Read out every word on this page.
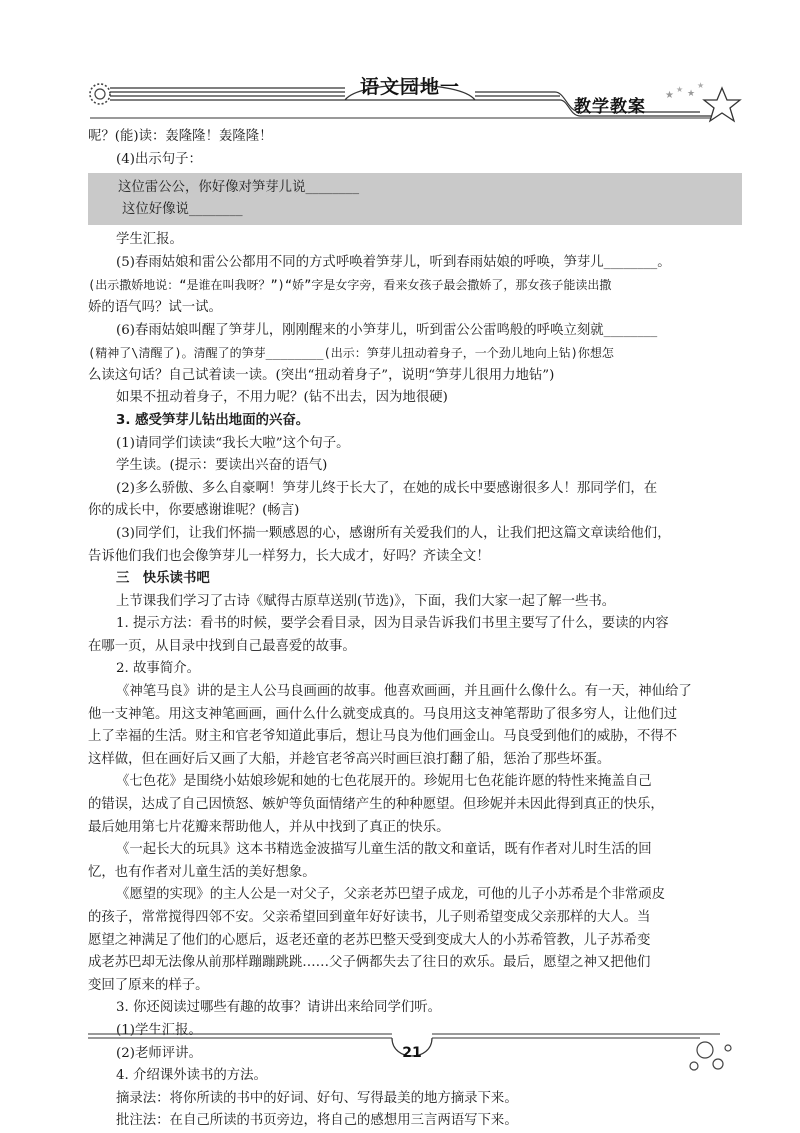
★
★ ★
★
语文园地一
教学教案
呢？(能)读：轰隆隆！轰隆隆！
(4)出示句子：
这位雷公公，你好像对笋芽儿说________
这位好像说________
学生汇报。
(5)春雨姑娘和雷公公都用不同的方式呼唤着笋芽儿，听到春雨姑娘的呼唤，笋芽儿________。
(出示撒娇地说：“是谁在叫我呀？”)“娇”字是女字旁，看来女孩子最会撒娇了，那女孩子能读出撒
娇的语气吗？试一试。
(6)春雨姑娘叫醒了笋芽儿，刚刚醒来的小笋芽儿，听到雷公公雷鸣般的呼唤立刻就________
(精神了\清醒了)。清醒了的笋芽________(出示：笋芽儿扭动着身子，一个劲儿地向上钻)你想怎
么读这句话？自己试着读一读。(突出“扭动着身子”，说明“笋芽儿很用力地钻”)
如果不扭动着身子，不用力呢？(钻不出去，因为地很硬)
3. 感受笋芽儿钻出地面的兴奋。
(1)请同学们读读“我长大啦”这个句子。
学生读。(提示：要读出兴奋的语气)
(2)多么骄傲、多么自豪啊！笋芽儿终于长大了，在她的成长中要感谢很多人！那同学们，在
你的成长中，你要感谢谁呢？(畅言)
(3)同学们，让我们怀揣一颗感恩的心，感谢所有关爱我们的人，让我们把这篇文章读给他们，
告诉他们我们也会像笋芽儿一样努力，长大成才，好吗？齐读全文！
三　快乐读书吧
上节课我们学习了古诗《赋得古原草送别(节选)》，下面，我们大家一起了解一些书。
1. 提示方法：看书的时候，要学会看目录，因为目录告诉我们书里主要写了什么，要读的内容
在哪一页，从目录中找到自己最喜爱的故事。
2. 故事简介。
《神笔马良》讲的是主人公马良画画的故事。他喜欢画画，并且画什么像什么。有一天，神仙给了
他一支神笔。用这支神笔画画，画什么什么就变成真的。马良用这支神笔帮助了很多穷人，让他们过
上了幸福的生活。财主和官老爷知道此事后，想让马良为他们画金山。马良受到他们的威胁，不得不
这样做，但在画好后又画了大船，并趁官老爷高兴时画巨浪打翻了船，惩治了那些坏蛋。
《七色花》是围绕小姑娘珍妮和她的七色花展开的。珍妮用七色花能许愿的特性来掩盖自己
的错误，达成了自己因愤怒、嫉妒等负面情绪产生的种种愿望。但珍妮并未因此得到真正的快乐，
最后她用第七片花瓣来帮助他人，并从中找到了真正的快乐。
《一起长大的玩具》这本书精选金波描写儿童生活的散文和童话，既有作者对儿时生活的回
忆，也有作者对儿童生活的美好想象。
《愿望的实现》的主人公是一对父子，父亲老苏巴望子成龙，可他的儿子小苏希是个非常顽皮
的孩子，常常搅得四邻不安。父亲希望回到童年好好读书，儿子则希望变成父亲那样的大人。当
愿望之神满足了他们的心愿后，返老还童的老苏巴整天受到变成大人的小苏希管教，儿子苏希变
成老苏巴却无法像从前那样蹦蹦跳跳……父子俩都失去了往日的欢乐。最后，愿望之神又把他们
变回了原来的样子。
3. 你还阅读过哪些有趣的故事？请讲出来给同学们听。
(1)学生汇报。
(2)老师评讲。
4. 介绍课外读书的方法。
摘录法：将你所读的书中的好词、好句、写得最美的地方摘录下来。
批注法：在自己所读的书页旁边，将自己的感想用三言两语写下来。
21
